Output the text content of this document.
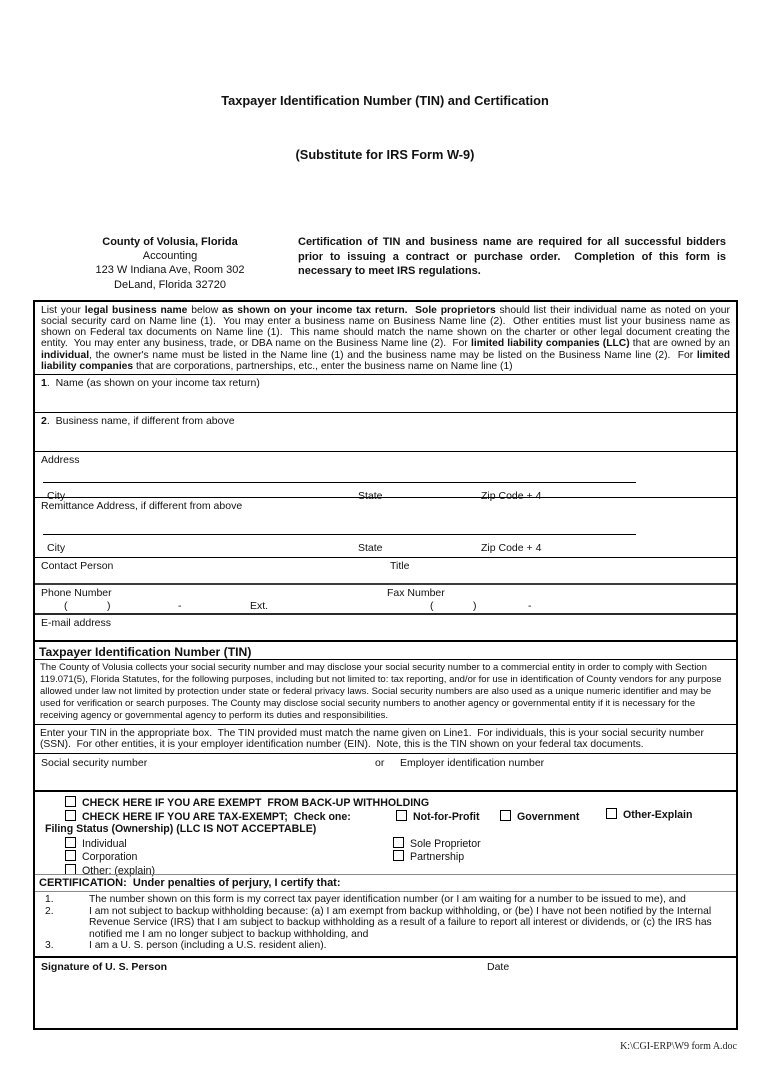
Taxpayer Identification Number (TIN) and Certification

(Substitute for IRS Form W-9)

County of Volusia, Florida
Accounting
123 W Indiana Ave, Room 302
DeLand, Florida 32720
Certification of TIN and business name are required for all successful bidders prior to issuing a contract or purchase order.  Completion of this form is necessary to meet IRS regulations.
List your legal business name below as shown on your income tax return.  Sole proprietors should list their individual name as noted on your social security card on Name line (1).  You may enter a business name on Business Name line (2).  Other entities must list your business name as shown on Federal tax documents on Name line (1).  This name should match the name shown on the charter or other legal document creating the entity.  You may enter any business, trade, or DBA name on the Business Name line (2).  For limited liability companies (LLC) that are owned by an individual, the owner's name must be listed in the Name line (1) and the business name may be listed on the Business Name line (2).  For limited liability companies that are corporations, partnerships, etc., enter the business name on Name line (1)
1.  Name (as shown on your income tax return)
2.  Business name, if different from above
Address
City	State	Zip Code + 4
Remittance Address, if different from above
City	State	Zip Code + 4
Contact Person	Title
Phone Number	Fax Number
(	)	-	Ext.	(	)	-
E-mail address
Taxpayer Identification Number (TIN)
The County of Volusia collects your social security number and may disclose your social security number to a commercial entity in order to comply with Section 119.071(5), Florida Statutes, for the following purposes, including but not limited to: tax reporting, and/or for use in identification of County vendors for any purpose allowed under law not limited by protection under state or federal privacy laws. Social security numbers are also used as a unique numeric identifier and may be used for verification or search purposes. The County may disclose social security numbers to another agency or governmental entity if it is necessary for the receiving agency or governmental agency to perform its duties and responsibilities.
Enter your TIN in the appropriate box.  The TIN provided must match the name given on Line1.  For individuals, this is your social security number (SSN).  For other entities, it is your employer identification number (EIN).  Note, this is the TIN shown on your federal tax documents.
Social security number	or Employer identification number
CHECK HERE IF YOU ARE EXEMPT  FROM BACK-UP WITHHOLDING
CHECK HERE IF YOU ARE TAX-EXEMPT;  Check one:	Not-for-Profit	Government	Other-Explain
Filing Status (Ownership) (LLC IS NOT ACCEPTABLE)
Individual	Sole Proprietor
Corporation	Partnership
Other: (explain)
CERTIFICATION:  Under penalties of perjury, I certify that:
1.	The number shown on this form is my correct tax payer identification number (or I am waiting for a number to be issued to me), and
2.	I am not subject to backup withholding because: (a) I am exempt from backup withholding, or (be) I have not been notified by the Internal Revenue Service (IRS) that I am subject to backup withholding as a result of a failure to report all interest or dividends, or (c) the IRS has notified me I am no longer subject to backup withholding, and
3.	I am a U. S. person (including a U.S. resident alien).
Signature of U. S. Person	Date
K:\CGI-ERP\W9 form A.doc
